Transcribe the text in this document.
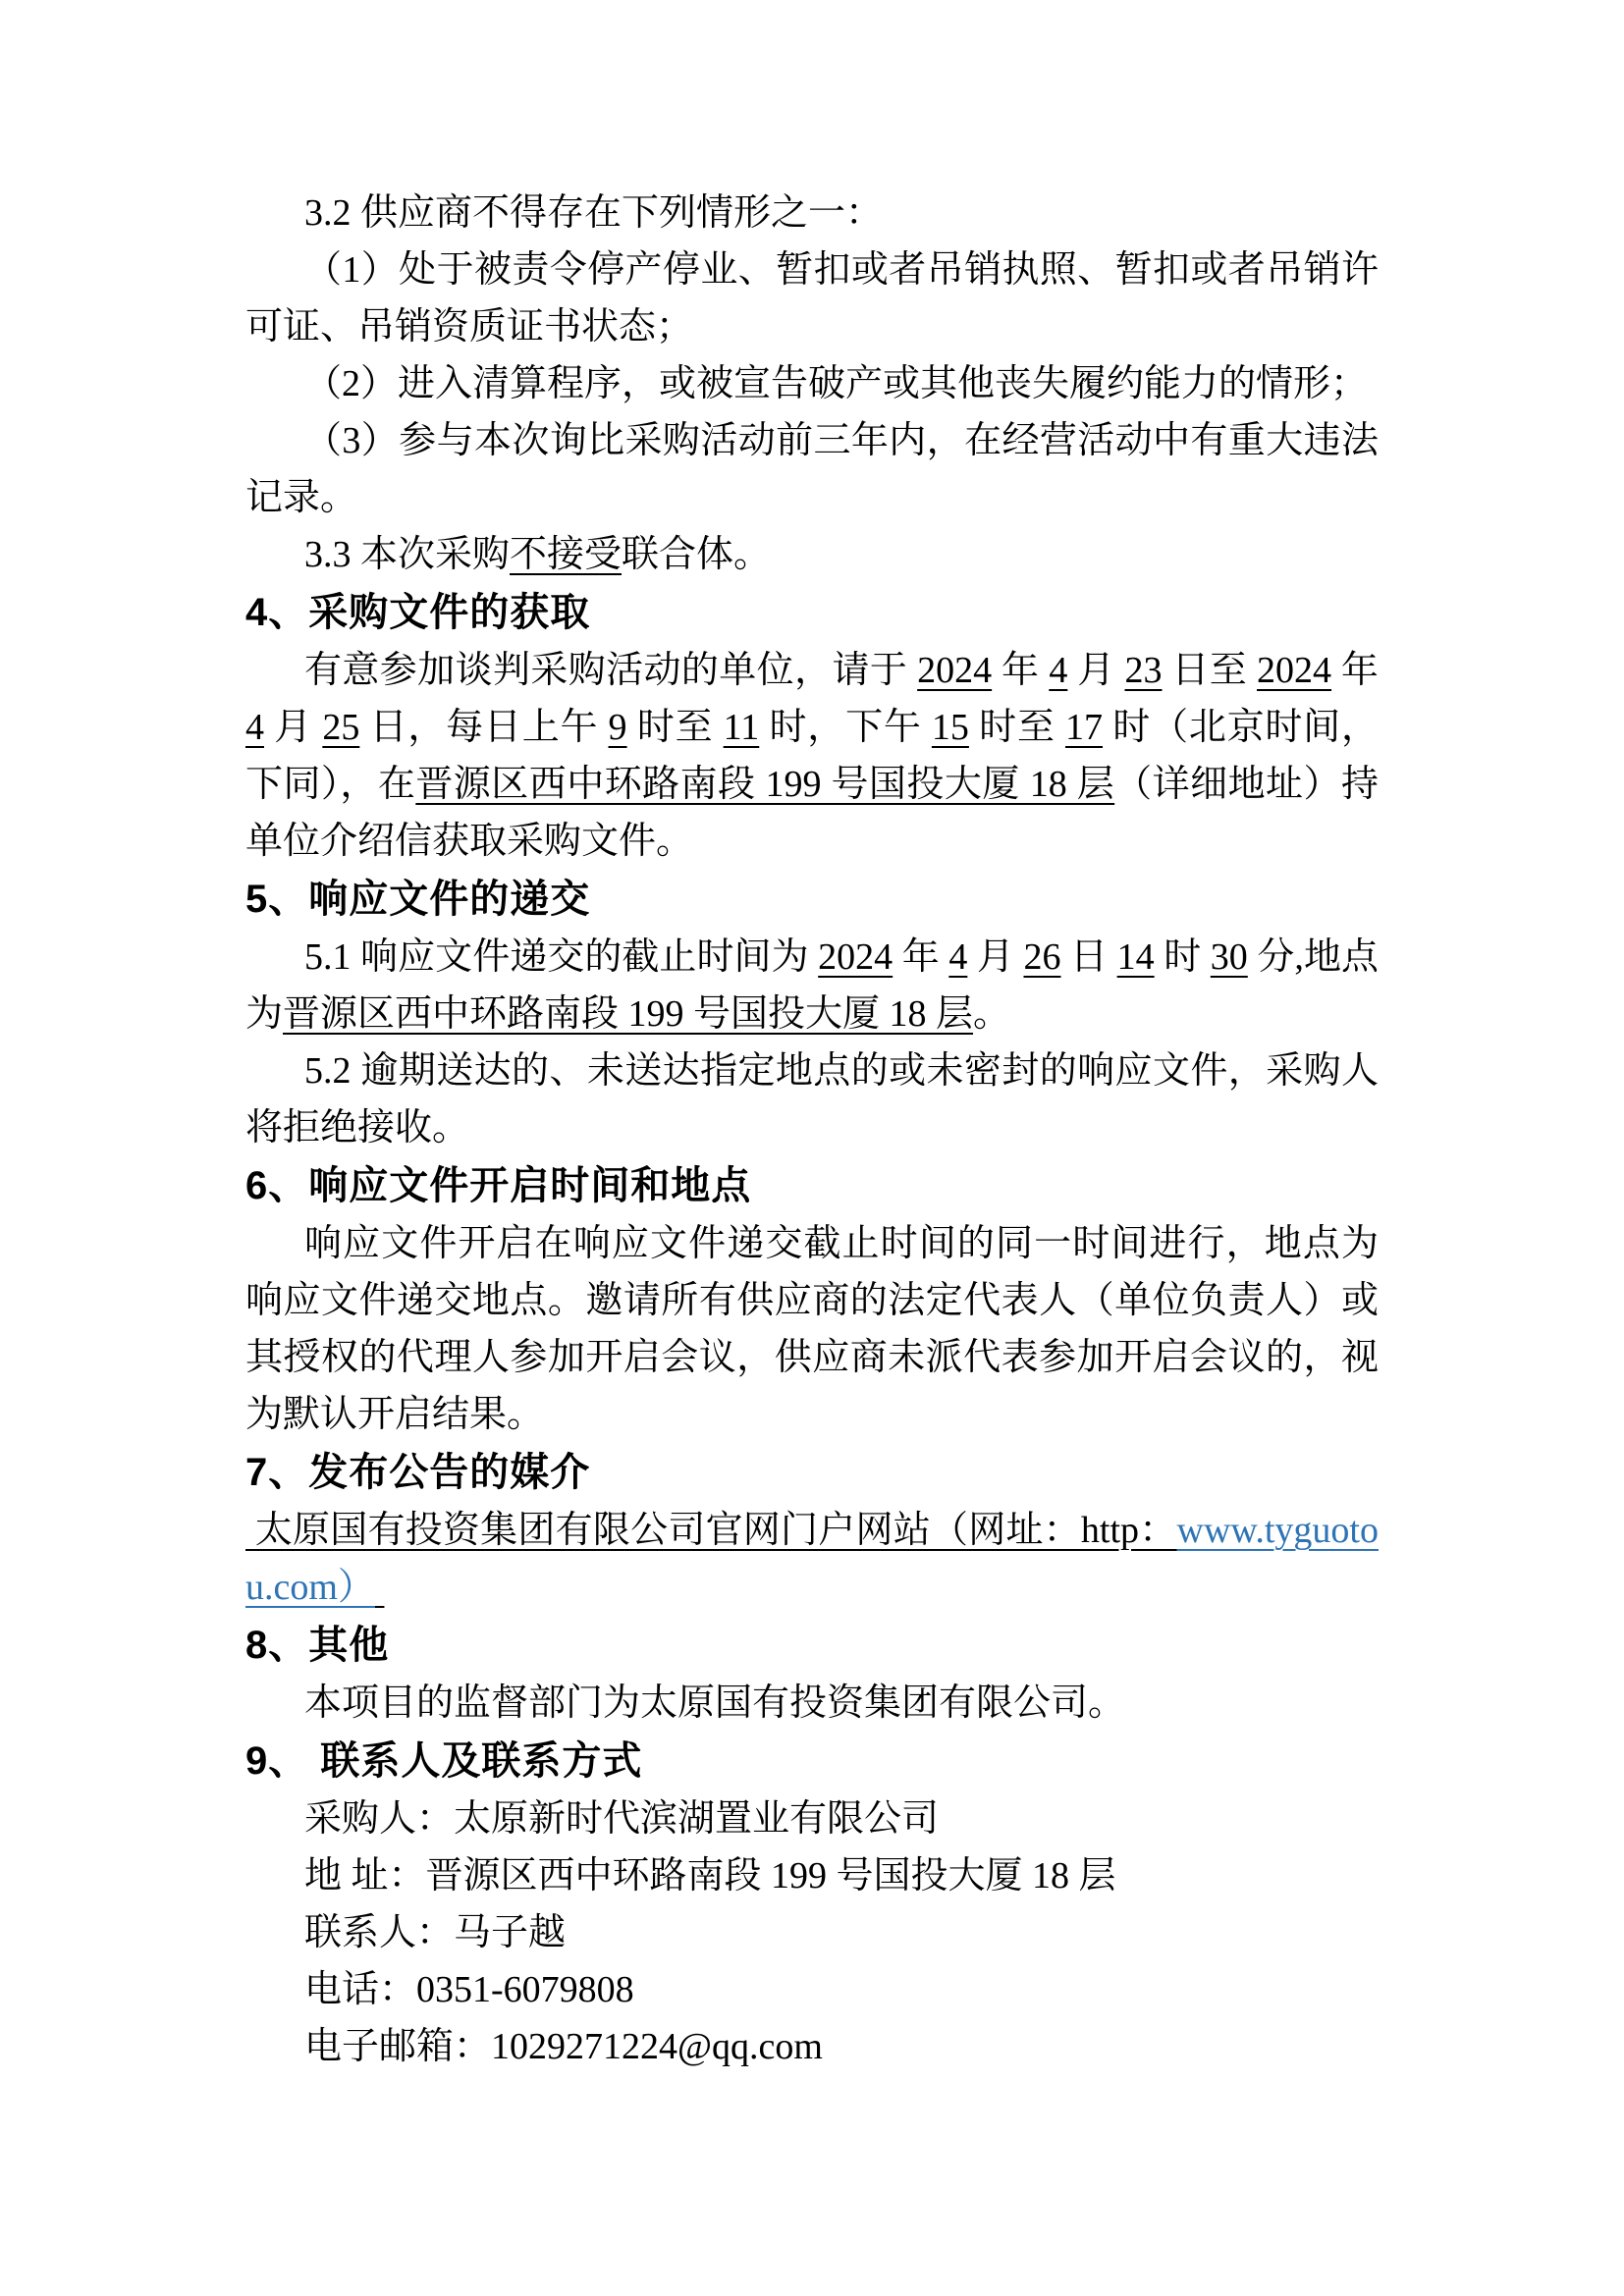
3.2 供应商不得存在下列情形之一：

（1）处于被责令停产停业、暂扣或者吊销执照、暂扣或者吊销许可证、吊销资质证书状态；

（2）进入清算程序，或被宣告破产或其他丧失履约能力的情形；

（3）参与本次询比采购活动前三年内，在经营活动中有重大违法记录。

3.3 本次采购不接受联合体。

4、采购文件的获取

有意参加谈判采购活动的单位，请于 2024 年 4 月 23 日至 2024 年 4 月 25 日，每日上午 9 时至 11 时，下午 15 时至 17 时（北京时间，下同），在晋源区西中环路南段 199 号国投大厦 18 层（详细地址）持单位介绍信获取采购文件。

5、响应文件的递交

5.1 响应文件递交的截止时间为 2024 年 4 月 26 日 14 时 30 分,地点为晋源区西中环路南段 199 号国投大厦 18 层。

5.2 逾期送达的、未送达指定地点的或未密封的响应文件，采购人将拒绝接收。

6、响应文件开启时间和地点

响应文件开启在响应文件递交截止时间的同一时间进行，地点为响应文件递交地点。邀请所有供应商的法定代表人（单位负责人）或其授权的代理人参加开启会议，供应商未派代表参加开启会议的，视为默认开启结果。

7、发布公告的媒介

太原国有投资集团有限公司官网门户网站（网址：http：www.tyguotou.com）

8、其他

本项目的监督部门为太原国有投资集团有限公司。

9、 联系人及联系方式

采购人：太原新时代滨湖置业有限公司

地 址：晋源区西中环路南段 199 号国投大厦 18 层

联系人：马子越

电话：0351-6079808

电子邮箱：1029271224@qq.com
